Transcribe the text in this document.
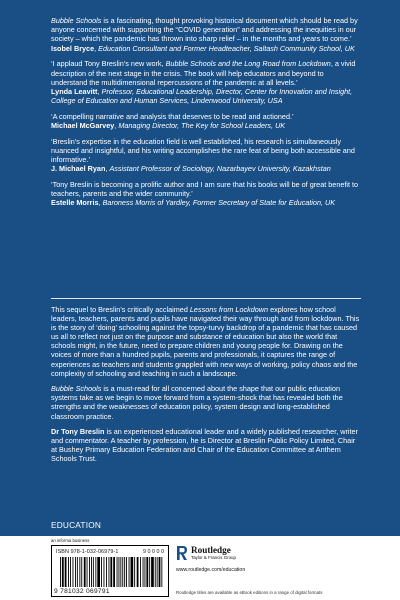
Bubble Schools is a fascinating, thought provoking historical document which should be read by anyone concerned with supporting the “COVID generation” and addressing the inequities in our society – which the pandemic has thrown into sharp relief – in the months and years to come.’
Isobel Bryce, Education Consultant and Former Headteacher, Saltash Community School, UK
‘I applaud Tony Breslin’s new work, Bubble Schools and the Long Road from Lockdown, a vivid description of the next stage in the crisis. The book will help educators and beyond to understand the multidimensional repercussions of the pandemic at all levels.’
Lynda Leavitt, Professor, Educational Leadership, Director, Center for Innovation and Insight, College of Education and Human Services, Lindenwood University, USA
‘A compelling narrative and analysis that deserves to be read and actioned.’
Michael McGarvey, Managing Director, The Key for School Leaders, UK
‘Breslin’s expertise in the education field is well established, his research is simultaneously nuanced and insightful, and his writing accomplishes the rare feat of being both accessible and informative.’
J. Michael Ryan, Assistant Professor of Sociology, Nazarbayev University, Kazakhstan
‘Tony Breslin is becoming a prolific author and I am sure that his books will be of great benefit to teachers, parents and the wider community.’
Estelle Morris, Baroness Morris of Yardley, Former Secretary of State for Education, UK
This sequel to Breslin’s critically acclaimed Lessons from Lockdown explores how school leaders, teachers, parents and pupils have navigated their way through and from lockdown. This is the story of ‘doing’ schooling against the topsy-turvy backdrop of a pandemic that has caused us all to reflect not just on the purpose and substance of education but also the world that schools might, in the future, need to prepare children and young people for. Drawing on the voices of more than a hundred pupils, parents and professionals, it captures the range of experiences as teachers and students grappled with new ways of working, policy chaos and the complexity of schooling and teaching in such a landscape.
Bubble Schools is a must-read for all concerned about the shape that our public education systems take as we begin to move forward from a system-shock that has revealed both the strengths and the weaknesses of education policy, system design and long-established classroom practice.
Dr Tony Breslin is an experienced educational leader and a widely published researcher, writer and commentator. A teacher by profession, he is Director at Breslin Public Policy Limited, Chair at Bushey Primary Education Federation and Chair of the Education Committee at Anthem Schools Trust.
EDUCATION
an informa business
ISBN 978-1-032-06979-1	9 0 0 0 0
9 781032 069791
Routledge
Taylor & Francis Group
www.routledge.com/education
Routledge titles are available as eBook editions in a range of digital formats
